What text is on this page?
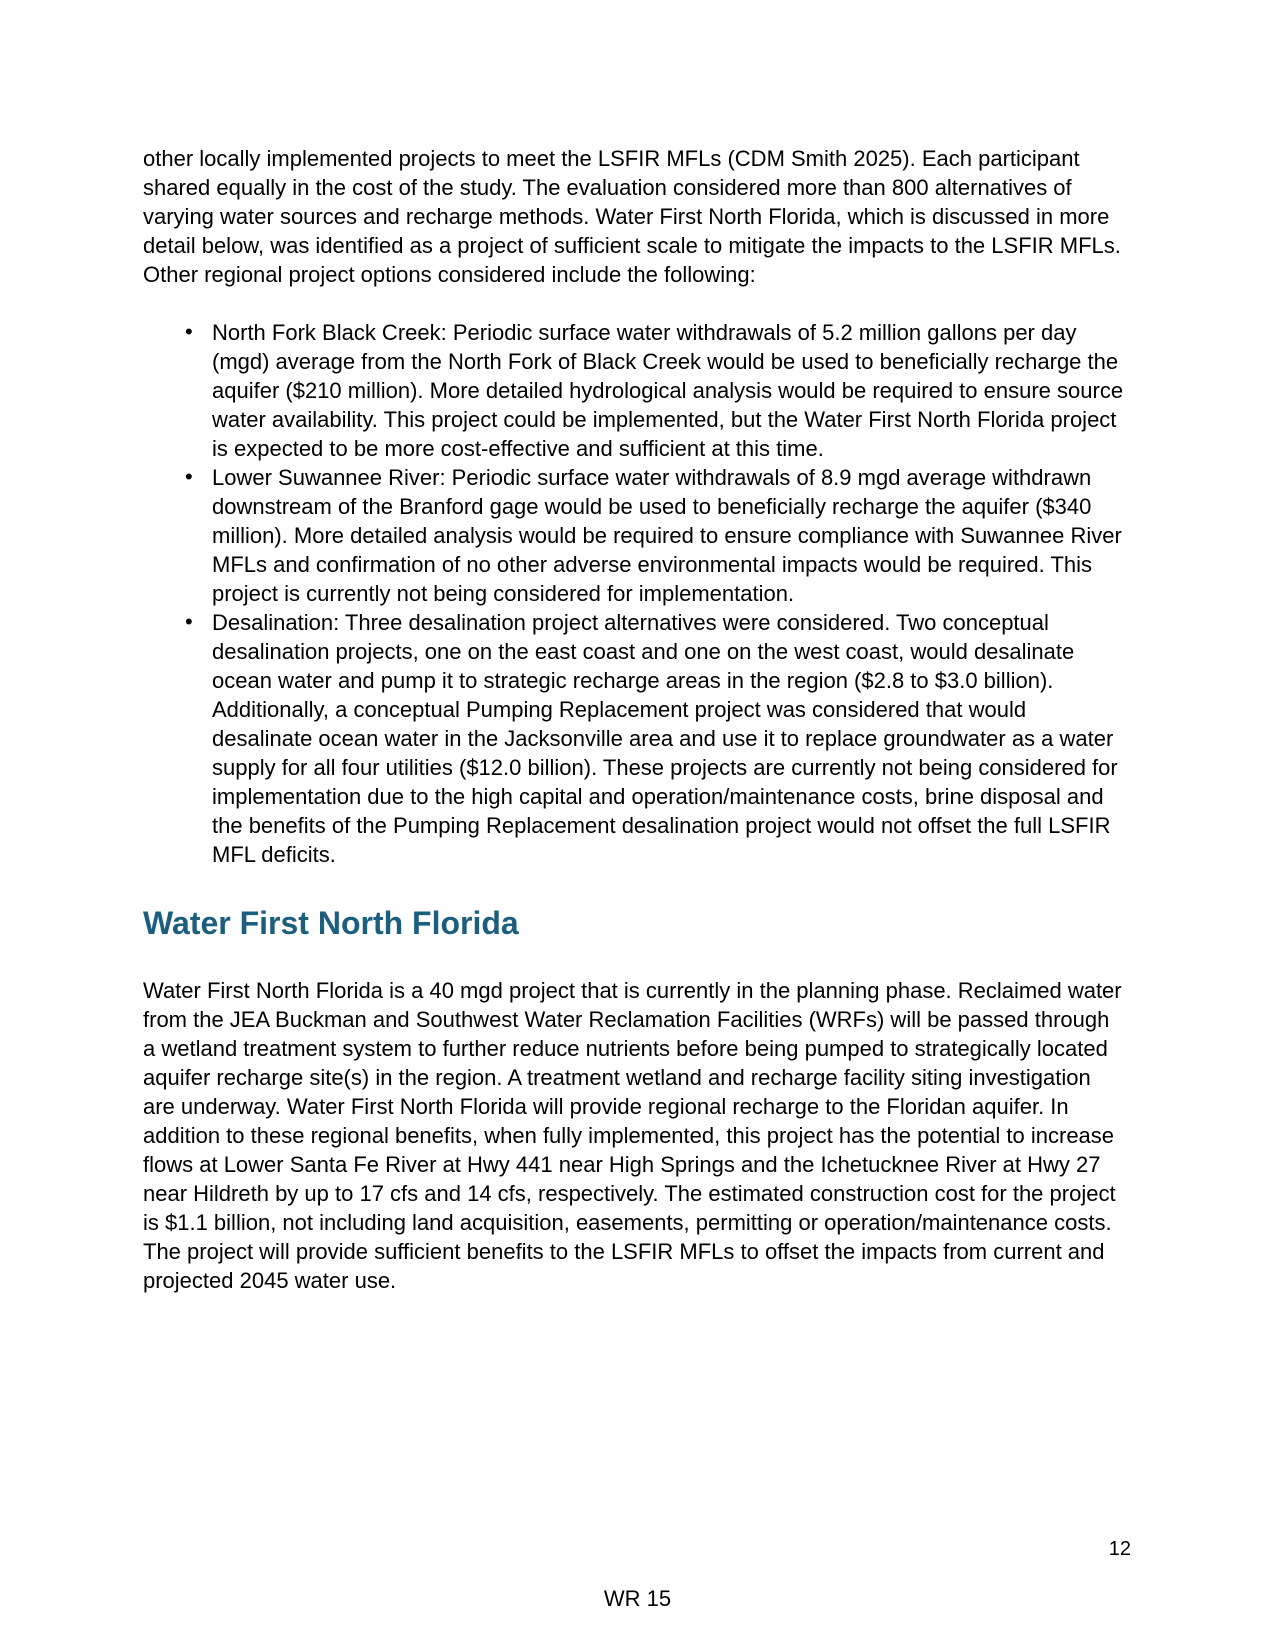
other locally implemented projects to meet the LSFIR MFLs (CDM Smith 2025). Each participant shared equally in the cost of the study. The evaluation considered more than 800 alternatives of varying water sources and recharge methods. Water First North Florida, which is discussed in more detail below, was identified as a project of sufficient scale to mitigate the impacts to the LSFIR MFLs. Other regional project options considered include the following:

• North Fork Black Creek: Periodic surface water withdrawals of 5.2 million gallons per day (mgd) average from the North Fork of Black Creek would be used to beneficially recharge the aquifer ($210 million). More detailed hydrological analysis would be required to ensure source water availability. This project could be implemented, but the Water First North Florida project is expected to be more cost-effective and sufficient at this time.
• Lower Suwannee River: Periodic surface water withdrawals of 8.9 mgd average withdrawn downstream of the Branford gage would be used to beneficially recharge the aquifer ($340 million). More detailed analysis would be required to ensure compliance with Suwannee River MFLs and confirmation of no other adverse environmental impacts would be required. This project is currently not being considered for implementation.
• Desalination: Three desalination project alternatives were considered. Two conceptual desalination projects, one on the east coast and one on the west coast, would desalinate ocean water and pump it to strategic recharge areas in the region ($2.8 to $3.0 billion). Additionally, a conceptual Pumping Replacement project was considered that would desalinate ocean water in the Jacksonville area and use it to replace groundwater as a water supply for all four utilities ($12.0 billion). These projects are currently not being considered for implementation due to the high capital and operation/maintenance costs, brine disposal and the benefits of the Pumping Replacement desalination project would not offset the full LSFIR MFL deficits.
Water First North Florida

Water First North Florida is a 40 mgd project that is currently in the planning phase. Reclaimed water from the JEA Buckman and Southwest Water Reclamation Facilities (WRFs) will be passed through a wetland treatment system to further reduce nutrients before being pumped to strategically located aquifer recharge site(s) in the region. A treatment wetland and recharge facility siting investigation are underway. Water First North Florida will provide regional recharge to the Floridan aquifer. In addition to these regional benefits, when fully implemented, this project has the potential to increase flows at Lower Santa Fe River at Hwy 441 near High Springs and the Ichetucknee River at Hwy 27 near Hildreth by up to 17 cfs and 14 cfs, respectively. The estimated construction cost for the project is $1.1 billion, not including land acquisition, easements, permitting or operation/maintenance costs. The project will provide sufficient benefits to the LSFIR MFLs to offset the impacts from current and projected 2045 water use.

12
WR 15
